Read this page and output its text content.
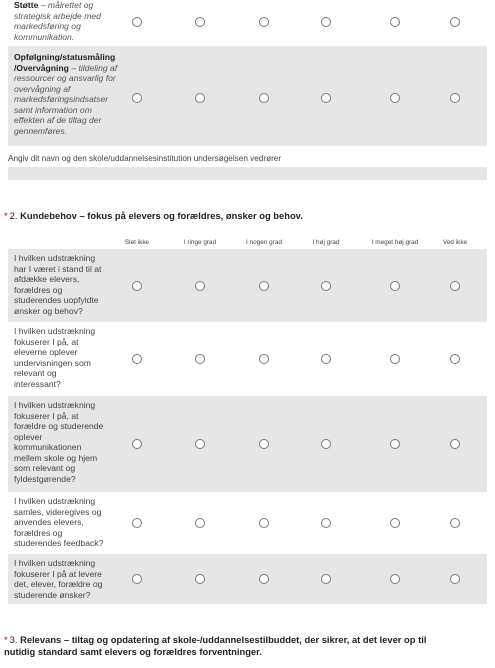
Støtte – målrettet og
strategisk arbejde med
markedsføring og
kommunikation.
Opfølgning/statusmåling
/Overvågning – tildeling af
ressourcer og ansvarlig for
overvågning af
markedsføringsindsatser
samt information om
effekten af de tiltag der
gennemføres.
Angiv dit navn og den skole/uddannelsesinstitution undersøgelsen vedrører
* 2. Kundebehov – fokus på elevers og forældres, ønsker og behov.
Slet ikke	I ringe grad	I nogen grad	I høj grad	I meget høj grad	Ved ikke
I hvilken udstrækning
har I været i stand til at
afdække elevers,
forældres og
studerendes uopfyldte
ønsker og behov?
I hvilken udstrækning
fokuserer I på, at
eleverne oplever
undervisningen som
relevant og
interessant?
I hvilken udstrækning
fokuserer I på, at
forældre og studerende
oplever
kommunikationen
mellem skole og hjem
som relevant og
fyldestgørende?
I hvilken udstrækning
samles, videregives og
anvendes elevers,
forældres og
studerendes feedback?
I hvilken udstrækning
fokuserer I på at levere
det, elever, forældre og
studerende ønsker?
* 3. Relevans – tiltag og opdatering af skole-/uddannelsestilbuddet, der sikrer, at det lever op til
nutidig standard samt elevers og forældres forventninger.
